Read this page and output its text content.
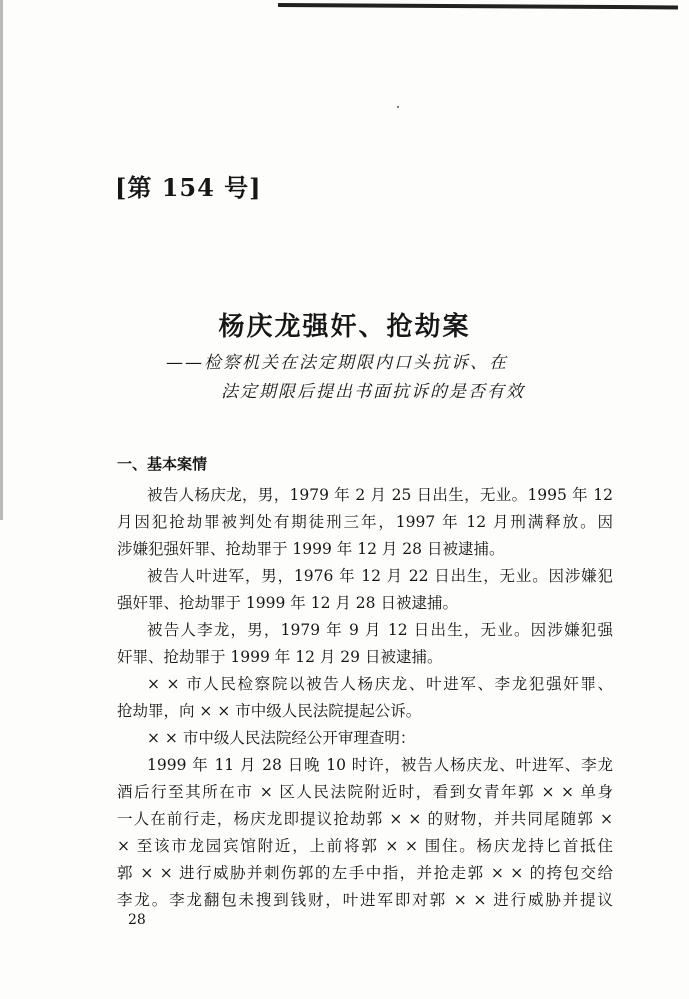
[第 154 号]
杨庆龙强奸、抢劫案
——检察机关在法定期限内口头抗诉、在
法定期限后提出书面抗诉的是否有效
一、基本案情
被告人杨庆龙，男，1979 年 2 月 25 日出生，无业。1995 年 12
月因犯抢劫罪被判处有期徒刑三年，1997 年 12 月刑满释放。因
涉嫌犯强奸罪、抢劫罪于 1999 年 12 月 28 日被逮捕。
被告人叶进军，男，1976 年 12 月 22 日出生，无业。因涉嫌犯
强奸罪、抢劫罪于 1999 年 12 月 28 日被逮捕。
被告人李龙，男，1979 年 9 月 12 日出生，无业。因涉嫌犯强
奸罪、抢劫罪于 1999 年 12 月 29 日被逮捕。
× × 市人民检察院以被告人杨庆龙、叶进军、李龙犯强奸罪、
抢劫罪，向 × × 市中级人民法院提起公诉。
× × 市中级人民法院经公开审理查明：
1999 年 11 月 28 日晚 10 时许，被告人杨庆龙、叶进军、李龙
酒后行至其所在市 × 区人民法院附近时，看到女青年郭 × × 单身
一人在前行走，杨庆龙即提议抢劫郭 × × 的财物，并共同尾随郭 ×
× 至该市龙园宾馆附近，上前将郭 × × 围住。杨庆龙持匕首抵住
郭 × × 进行威胁并刺伤郭的左手中指，并抢走郭 × × 的挎包交给
李龙。李龙翻包未搜到钱财，叶进军即对郭 × × 进行威胁并提议
28
